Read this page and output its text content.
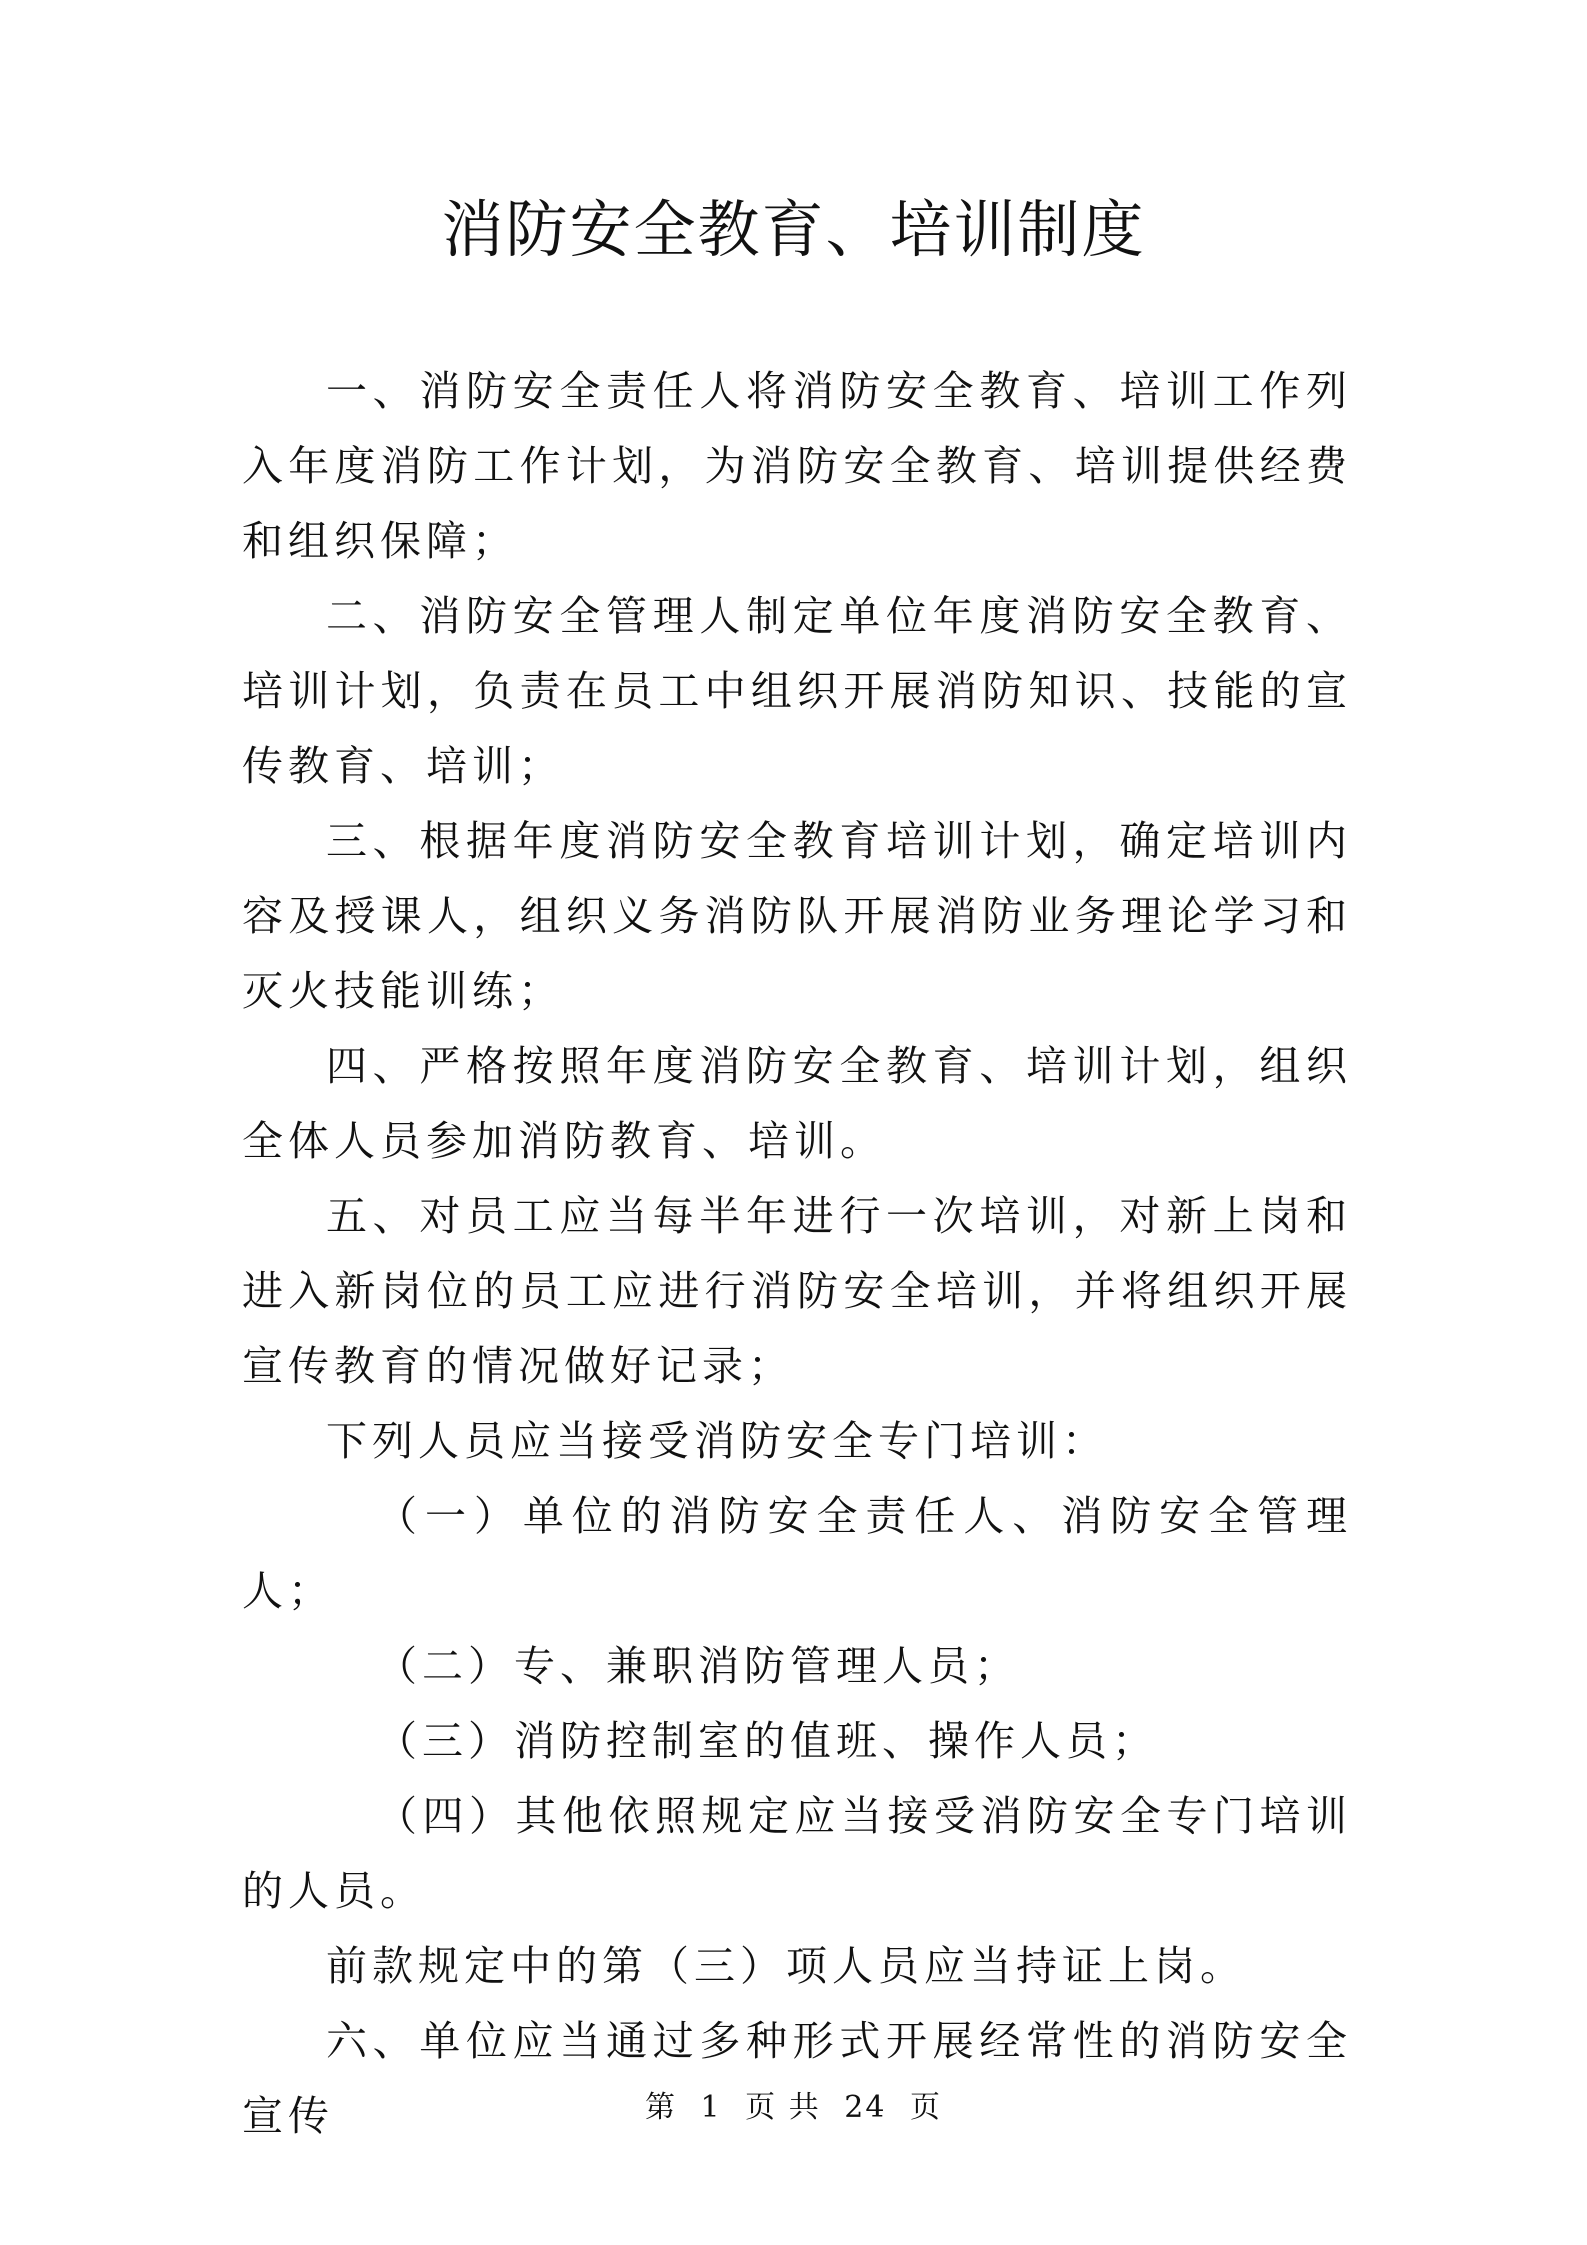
消防安全教育、培训制度

一、消防安全责任人将消防安全教育、培训工作列入年度消防工作计划，为消防安全教育、培训提供经费和组织保障；

二、消防安全管理人制定单位年度消防安全教育、培训计划，负责在员工中组织开展消防知识、技能的宣传教育、培训；

三、根据年度消防安全教育培训计划，确定培训内容及授课人，组织义务消防队开展消防业务理论学习和灭火技能训练；

四、严格按照年度消防安全教育、培训计划，组织全体人员参加消防教育、培训。

五、对员工应当每半年进行一次培训，对新上岗和进入新岗位的员工应进行消防安全培训，并将组织开展宣传教育的情况做好记录；

下列人员应当接受消防安全专门培训：

（一）单位的消防安全责任人、消防安全管理人；

（二）专、兼职消防管理人员；

（三）消防控制室的值班、操作人员；

（四）其他依照规定应当接受消防安全专门培训的人员。

前款规定中的第（三）项人员应当持证上岗。

六、单位应当通过多种形式开展经常性的消防安全宣传	第 1 页 共 24 页
